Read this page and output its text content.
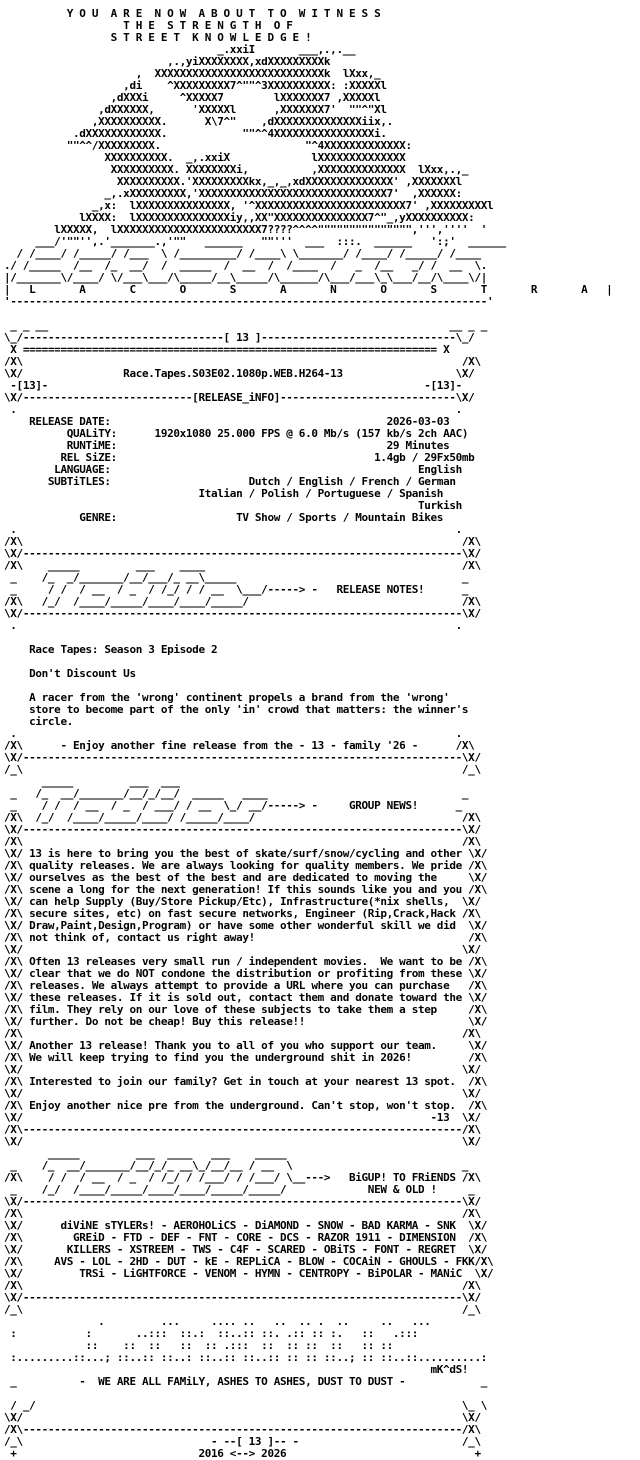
Y O U  A R E  N O W  A B O U T  T O  W I T N E S S
T H E  S T R E N G T H  O F
S T R E E T  K N O W L E D G E !
_.xxiI       ___,.,.__
,.,yiXXXXXXXX,xdXXXXXXXXXk
,  XXXXXXXXXXXXXXXXXXXXXXXXXXXk  lXxx,_
,di    ^XXXXXXXXX7^""^3XXXXXXXXXX: :XXXXXl
,dXXXi     ^XXXXX7        lXXXXXXX7 ,XXXXXl
,dXXXXXX,      'XXXXXl      ,XXXXXXX7'  ""^"Xl
,XXXXXXXXXX.      X\7^"    ,dXXXXXXXXXXXXXXiix,.
.dXXXXXXXXXXXX.            ""^^4XXXXXXXXXXXXXXXXi.
""^^/XXXXXXXXX.                       "^4XXXXXXXXXXXXX:
XXXXXXXXXX.  _,.xxiX             lXXXXXXXXXXXXXX
XXXXXXXXXX. XXXXXXXXi,          ,XXXXXXXXXXXXXX  lXxx,.,_
XXXXXXXXXX.'XXXXXXXXXkx,_,_,xdXXXXXXXXXXXXXX' ,XXXXXXXl
_,.xXXXXXXXXX,'XXXXXXXXXXXXXXXXXXXXXXXXXXXXXX7'  ,XXXXXX:
_,x:  lXXXXXXXXXXXXXXX, '^XXXXXXXXXXXXXXXXXXXXXXXX7' ,XXXXXXXXXl
lXXXX:  lXXXXXXXXXXXXXXXiy,,XX"XXXXXXXXXXXXXXX7^"_,yXXXXXXXXXX:
lXXXXX,  lXXXXXXXXXXXXXXXXXXXXXXX7????^^^^""""""""""""""",''',''''  '
___/'""'',.'_______.,'""   ______   ""'''  ___  :::.  ______   ':;'  ______
/ /____/ /_____/ /___  \ /_________/ /____\ \_______/ /____/ /_____/ /____
./ /_____  /__  /_  __/  /  _____  /  __  /  /____  /   _  /__   _/ /  __  \.
|/_______\/____/ \/___\___/\_____/__\_____/\______/\___/___\_\___/__/\____\/|
|   L       A       C       O       S       A       N       O       S       T       R       A   |
'----------------------------------------------------------------------------'

_ _ __                                                                __ _ _
\_/--------------------------------[ 13 ]-------------------------------\_/
X ================================================================== X
/X\                                                                      /X\
\X/                Race.Tapes.S03E02.1080p.WEB.H264-13                  \X/
-[13]-                                                            -[13]-
\X/---------------------------[RELEASE_iNFO]----------------------------\X/
.                                                                      .
RELEASE DATE:                                            2026-03-03
QUALiTY:      1920x1080 25.000 FPS @ 6.0 Mb/s (157 kb/s 2ch AAC)
RUNTiME:                                           29 Minutes
REL SiZE:                                         1.4gb / 29Fx50mb
LANGUAGE:                                                 English
SUBTiTLES:                      Dutch / English / French / German
Italian / Polish / Portuguese / Spanish
Turkish
GENRE:                   TV Show / Sports / Mountain Bikes
.                                                                      .
/X\                                                                      /X\
\X/----------------------------------------------------------------------\X/
/X\    _____         ___    ____                                         /X\
_    /_  _/_______/__/___/_ __\_____                                    _
_     / /  / __  / _  / /_/ / / __  \___/-----> -   RELEASE NOTES!      _
/X\   /_/  /____/_____/____/____/_____/                                  /X\
\X/----------------------------------------------------------------------\X/
.                                                                      .

Race Tapes: Season 3 Episode 2

Don't Discount Us

A racer from the 'wrong' continent propels a brand from the 'wrong'
store to become part of the only 'in' crowd that matters: the winner's
circle.
.                                                                      .
/X\      - Enjoy another fine release from the - 13 - family '26 -      /X\
\X/----------------------------------------------------------------------\X/
/_\                                                                      /_\
_____         ___  ___
_   /_  __/_______/__/_/__/  _____   ____                               _
_    / /  / __  / _  / ___/ / __  \_/ __/-----> -     GROUP NEWS!      _
/X\  /_/  /____/_____/____/ /_____/____/                                 /X\
\X/----------------------------------------------------------------------\X/
/X\                                                                      /X\
\X/ 13 is here to bring you the best of skate/surf/snow/cycling and other \X/
/X\ quality releases. We are always looking for quality members. We pride /X\
\X/ ourselves as the best of the best and are dedicated to moving the     \X/
/X\ scene a long for the next generation! If this sounds like you and you /X\
\X/ can help Supply (Buy/Store Pickup/Etc), Infrastructure(*nix shells,  \X/
/X\ secure sites, etc) on fast secure networks, Engineer (Rip,Crack,Hack /X\
\X/ Draw,Paint,Design,Program) or have some other wonderful skill we did  \X/
/X\ not think of, contact us right away!                                  /X\
\X/                                                                      \X/
/X\ Often 13 releases very small run / independent movies.  We want to be /X\
\X/ clear that we do NOT condone the distribution or profiting from these \X/
/X\ releases. We always attempt to provide a URL where you can purchase   /X\
\X/ these releases. If it is sold out, contact them and donate toward the \X/
/X\ film. They rely on our love of these subjects to take them a step     /X\
\X/ further. Do not be cheap! Buy this release!!                          \X/
/X\                                                                      /X\
\X/ Another 13 release! Thank you to all of you who support our team.     \X/
/X\ We will keep trying to find you the underground shit in 2026!         /X\
\X/                                                                      \X/
/X\ Interested to join our family? Get in touch at your nearest 13 spot.  /X\
\X/                                                                      \X/
/X\ Enjoy another nice pre from the underground. Can't stop, won't stop.  /X\
\X/                                                                 -13  \X/
/X\----------------------------------------------------------------------/X\
\X/                                                                      \X/
_____         ___  ____   ___    _____
_    /_  __/_______/__/_/_ __\_/__/__ / __  \                           _
/X\    / /  / __  / _  / /_/ / /___/ / /___/ \__--->   BiGUP! TO FRiENDS /X\
_    /_/  /____/_____/____/____/_____/_____/             NEW & OLD !     _
\X/----------------------------------------------------------------------\X/
/X\                                                                      /X\
\X/      diViNE sTYLERs! - AEROHOLiCS - DiAMOND - SNOW - BAD KARMA - SNK  \X/
/X\        GREiD - FTD - DEF - FNT - CORE - DCS - RAZOR 1911 - DIMENSION  /X\
\X/       KILLERS - XSTREEM - TWS - C4F - SCARED - OBiTS - FONT - REGRET  \X/
/X\     AVS - LOL - 2HD - DUT - kE - REPLiCA - BLOW - COCAiN - GHOULS - FKK/X\
\X/         TRSi - LiGHTFORCE - VENOM - HYMN - CENTROPY - BiPOLAR - MANiC  \X/
/X\                                                                      /X\
\X/----------------------------------------------------------------------\X/
/_\                                                                      /_\
.         ...     .... ..   ..  .. .  ..     ..   ...
:           :       ..:::  ::.:  ::..:: ::. .:: :: :.   ::   .:::
::    ::  ::   ::  :: .:::  ::  :: ::  ::   :: ::
:.........::...; ::..:: ::..: ::..:: ::..:: :: :: ::..; :: ::..::..........:
mK^dS!
_          -  WE ARE ALL FAMiLY, ASHES TO ASHES, DUST TO DUST -            _

/ _/                                                                    \_ \
\X/                                                                      \X/
/X\----------------------------------------------------------------------/X\
/_\                              - --[ 13 ]-- -                          /_\
+                             2016 <--> 2026                              +
